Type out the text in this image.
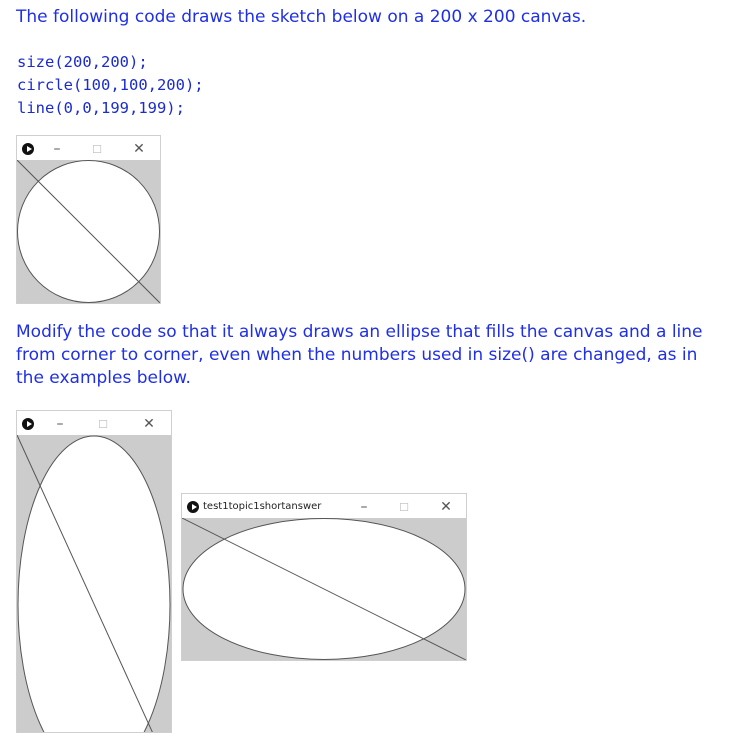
The following code draws the sketch below on a 200 x 200 canvas.
size(200,200);
circle(100,100,200);
line(0,0,199,199);
–	☐ ✕
Modify the code so that it always draws an ellipse that fills the canvas and a line from corner to corner, even when the numbers used in size() are changed, as in the examples below.
–	☐	✕
test1topic1shortanswer	–	☐ ✕
